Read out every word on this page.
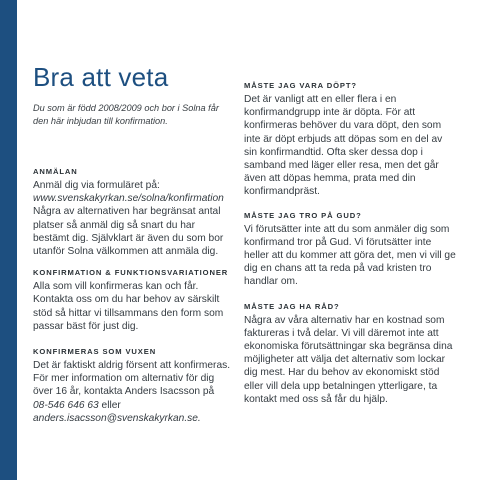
Bra att veta

Du som är född 2008/2009 och bor i Solna får den här inbjudan till konfirmation.

ANMÄLAN

Anmäl dig via formuläret på:
www.svenskakyrkan.se/solna/konfirmation
Några av alternativen har begränsat antal platser så anmäl dig så snart du har bestämt dig. Självklart är även du som bor utanför Solna välkommen att anmäla dig.

KONFIRMATION & FUNKTIONSVARIATIONER

Alla som vill konfirmeras kan och får. Kontakta oss om du har behov av särskilt stöd så hittar vi tillsammans den form som passar bäst för just dig.

KONFIRMERAS SOM VUXEN

Det är faktiskt aldrig försent att konfirmeras. För mer information om alternativ för dig över 16 år, kontakta Anders Isacsson på
08-546 646 63 eller
anders.isacsson@svenskakyrkan.se.

MÅSTE JAG VARA DÖPT?

Det är vanligt att en eller flera i en konfirmandgrupp inte är döpta. För att konfirmeras behöver du vara döpt, den som inte är döpt erbjuds att döpas som en del av sin konfirmandtid. Ofta sker dessa dop i samband med läger eller resa, men det går även att döpas hemma, prata med din konfirmandpräst.

MÅSTE JAG TRO PÅ GUD?

Vi förutsätter inte att du som anmäler dig som konfirmand tror på Gud. Vi förutsätter inte heller att du kommer att göra det, men vi vill ge dig en chans att ta reda på vad kristen tro handlar om.

MÅSTE JAG HA RÅD?

Några av våra alternativ har en kostnad som faktureras i två delar. Vi vill däremot inte att ekonomiska förutsättningar ska begränsa dina möjligheter att välja det alternativ som lockar dig mest. Har du behov av ekonomiskt stöd eller vill dela upp betalningen ytterligare, ta kontakt med oss så får du hjälp.
